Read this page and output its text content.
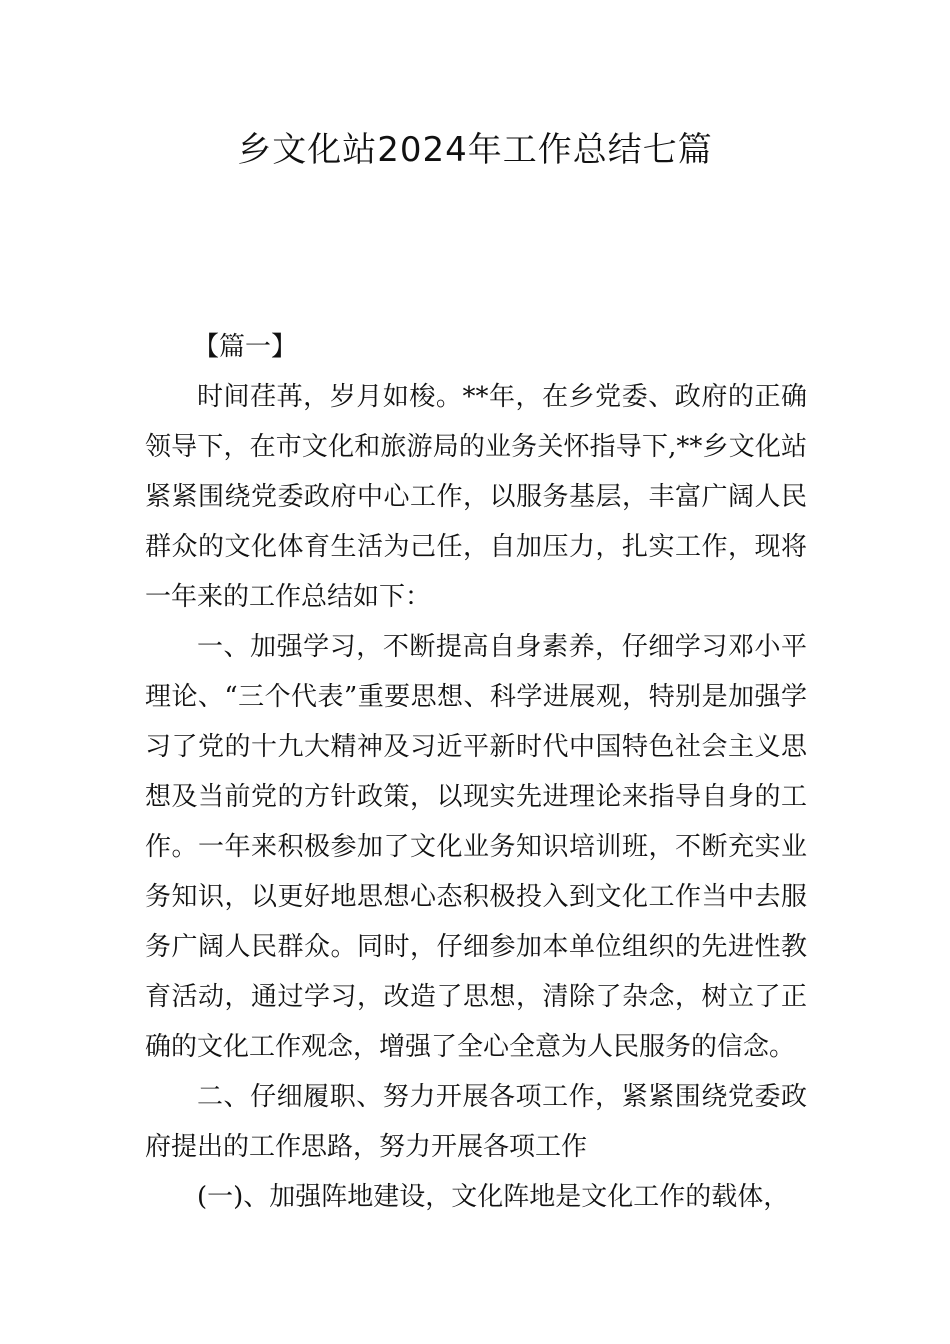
乡文化站2024年工作总结七篇

【篇一】

时间荏苒，岁月如梭。**年，在乡党委、政府的正确领导下，在市文化和旅游局的业务关怀指导下,**乡文化站紧紧围绕党委政府中心工作，以服务基层，丰富广阔人民群众的文化体育生活为己任，自加压力，扎实工作，现将一年来的工作总结如下：

一、加强学习，不断提高自身素养，仔细学习邓小平理论、“三个代表”重要思想、科学进展观，特别是加强学习了党的十九大精神及习近平新时代中国特色社会主义思想及当前党的方针政策，以现实先进理论来指导自身的工作。一年来积极参加了文化业务知识培训班，不断充实业务知识，以更好地思想心态积极投入到文化工作当中去服务广阔人民群众。同时，仔细参加本单位组织的先进性教育活动，通过学习，改造了思想，清除了杂念，树立了正确的文化工作观念，增强了全心全意为人民服务的信念。

二、仔细履职、努力开展各项工作，紧紧围绕党委政府提出的工作思路，努力开展各项工作

(一)、加强阵地建设，文化阵地是文化工作的载体，
